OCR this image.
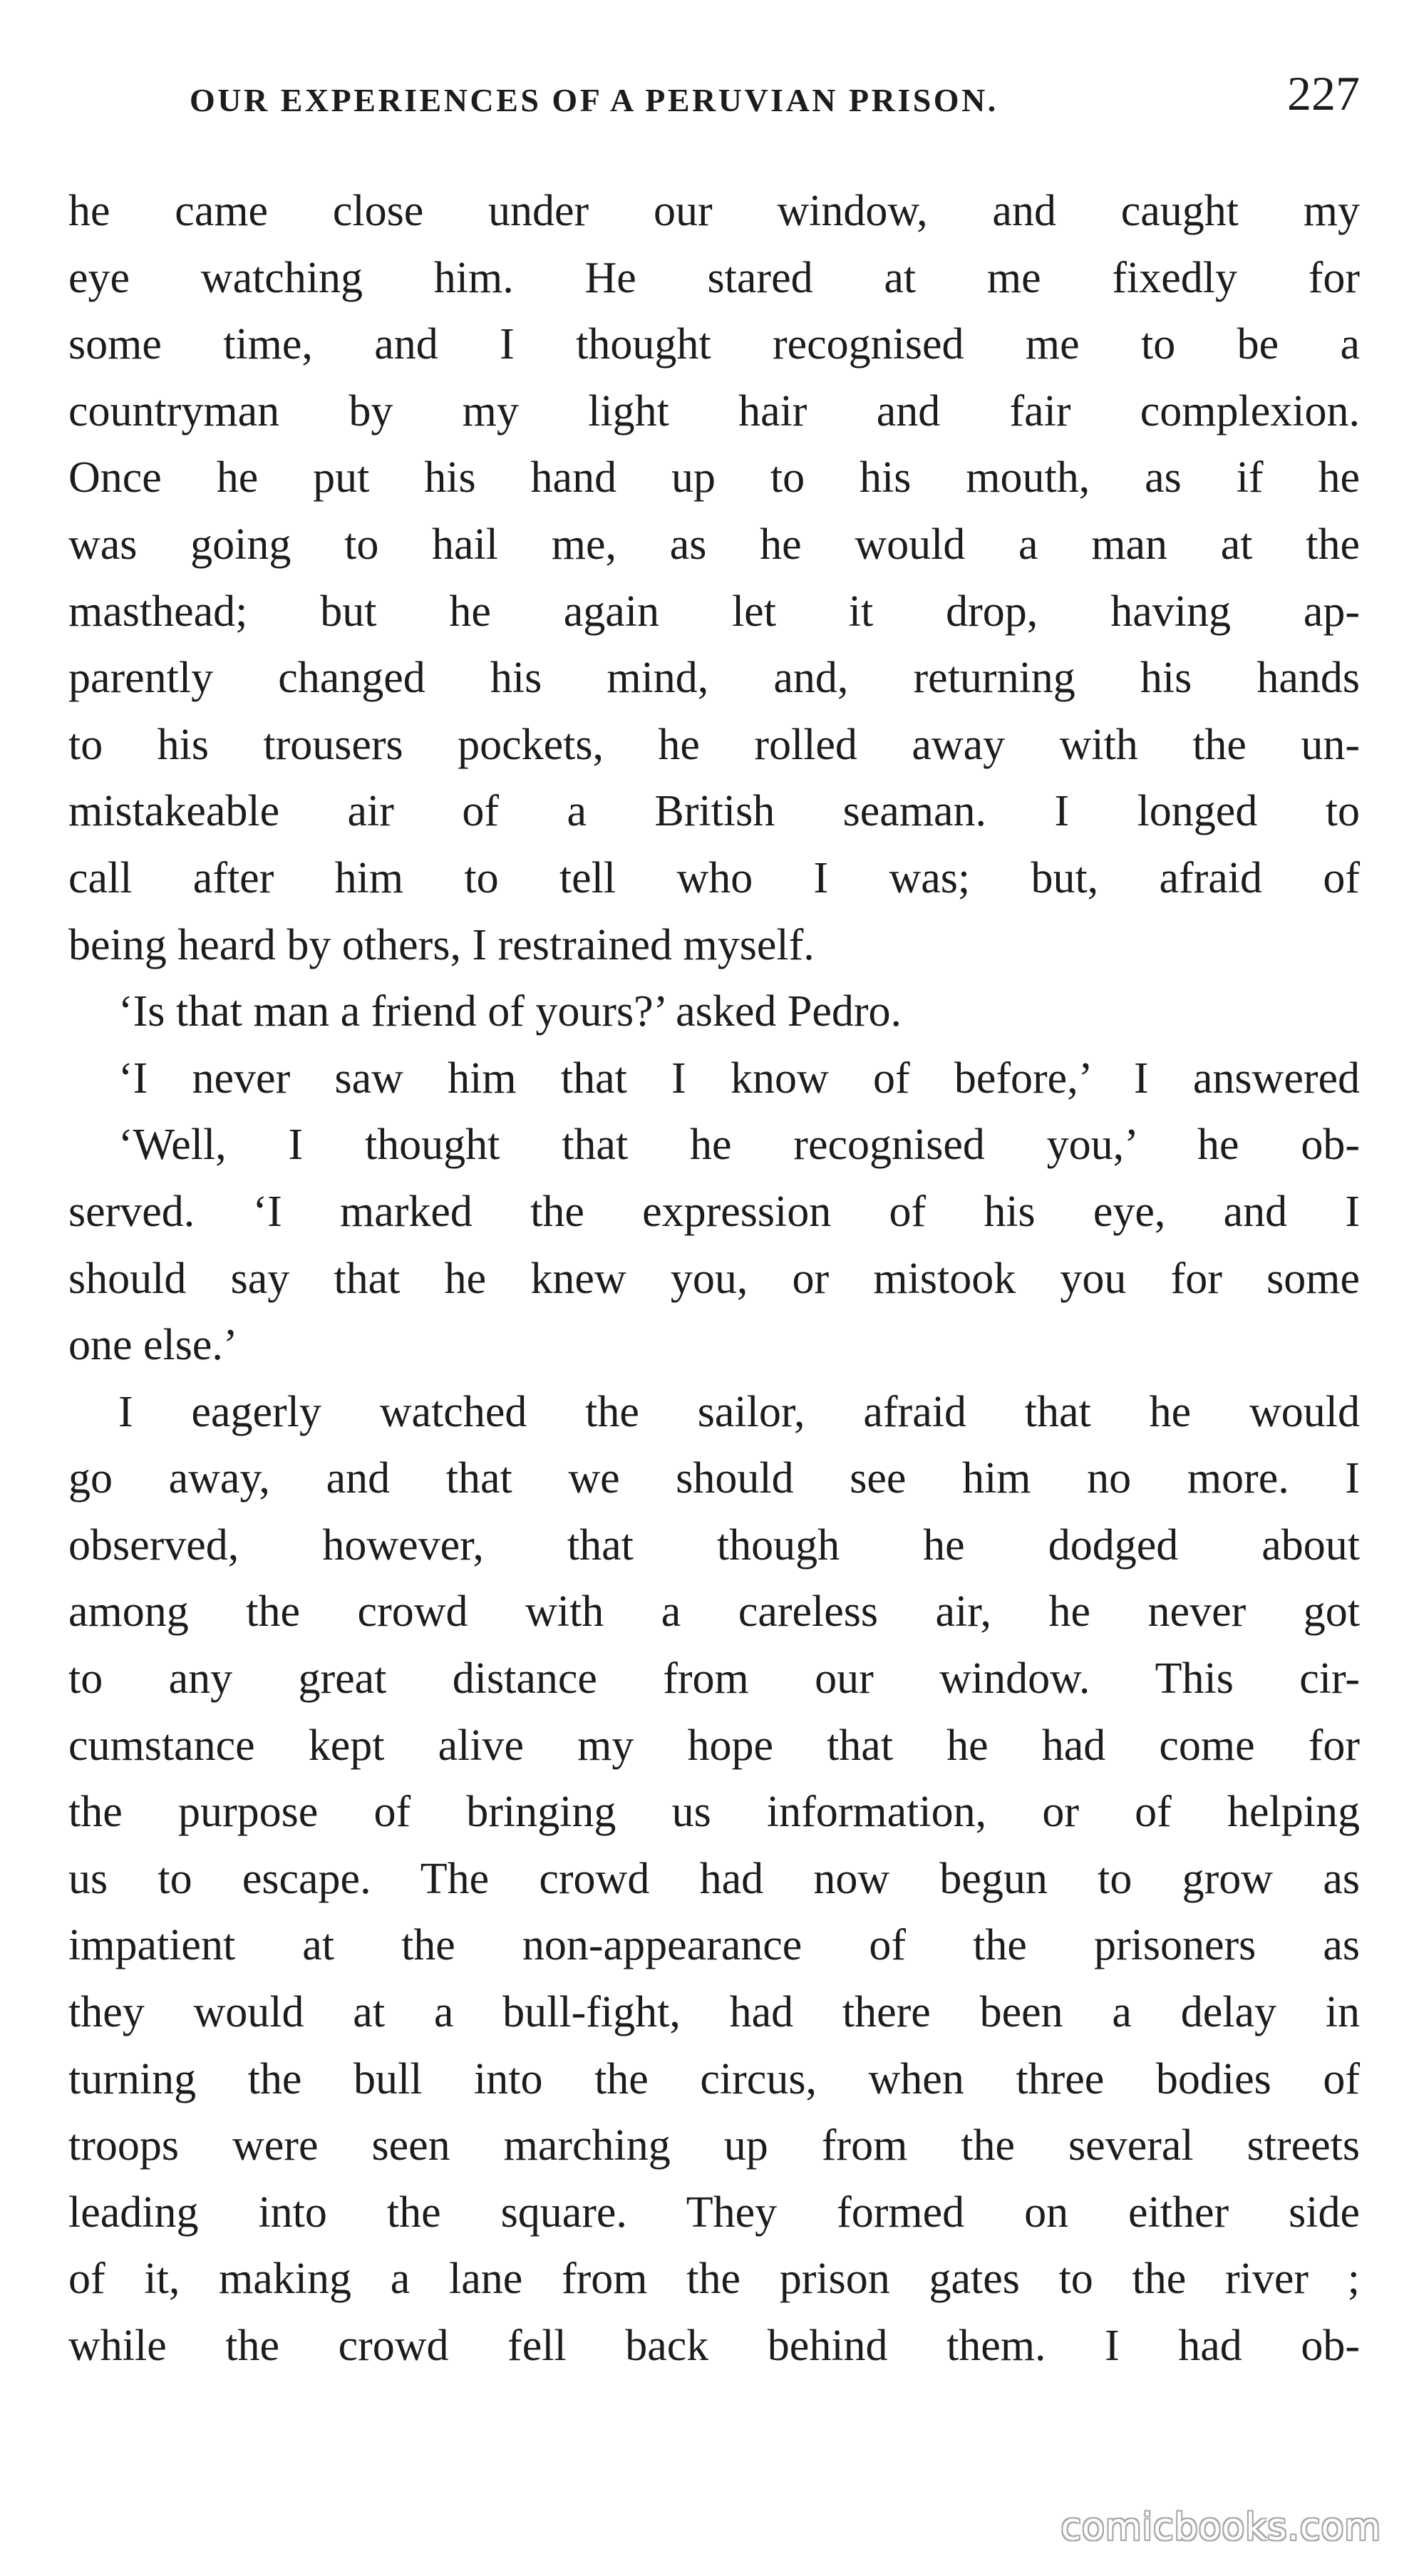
OUR EXPERIENCES OF A PERUVIAN PRISON.	227
he came close under our window, and caught my
eye watching him. He stared at me fixedly for
some time, and I thought recognised me to be a
countryman by my light hair and fair complexion.
Once he put his hand up to his mouth, as if he
was going to hail me, as he would a man at the
masthead; but he again let it drop, having ap-
parently changed his mind, and, returning his hands
to his trousers pockets, he rolled away with the un-
mistakeable air of a British seaman. I longed to
call after him to tell who I was; but, afraid of
being heard by others, I restrained myself.
‘Is that man a friend of yours?’ asked Pedro.
‘I never saw him that I know of before,’ I answered
‘Well, I thought that he recognised you,’ he ob-
served. ‘I marked the expression of his eye, and I
should say that he knew you, or mistook you for some
one else.’
I eagerly watched the sailor, afraid that he would
go away, and that we should see him no more. I
observed, however, that though he dodged about
among the crowd with a careless air, he never got
to any great distance from our window. This cir-
cumstance kept alive my hope that he had come for
the purpose of bringing us information, or of helping
us to escape. The crowd had now begun to grow as
impatient at the non-appearance of the prisoners as
they would at a bull-fight, had there been a delay in
turning the bull into the circus, when three bodies of
troops were seen marching up from the several streets
leading into the square. They formed on either side
of it, making a lane from the prison gates to the river ;
while the crowd fell back behind them. I had ob-
comicbooks.com
